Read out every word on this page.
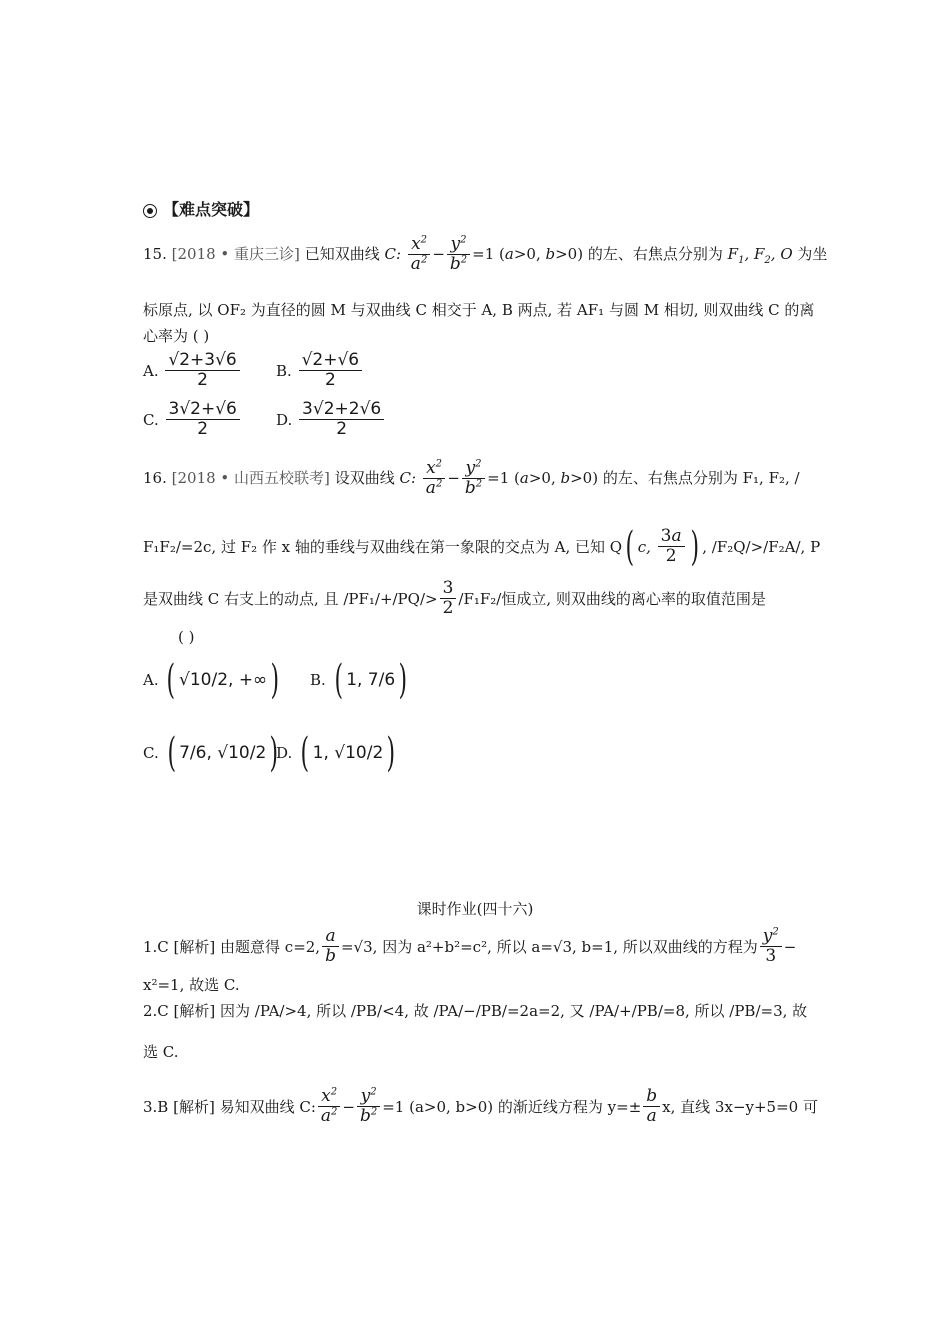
【难点突破】
15. [2018 • 重庆三诊] 已知双曲线 C: $\frac{x^2}{a^2} - \frac{y^2}{b^2} =1$ (a>0, b>0) 的左、右焦点分别为 $F_1$, $F_2$, O 为坐
标原点, 以 OF₂ 为直径的圆 M 与双曲线 C 相交于 A, B 两点, 若 AF₁ 与圆 M 相切, 则双曲线 C 的离
心率为 ( )
A. $\frac{√2+3√6}{2} B$. $\frac{√2+√6}{2}$
C. $\frac{3√2+√6}{2} D$. $\frac{3√2+2√6}{2}$
16. [2018 • 山西五校联考] 设双曲线 C: $\frac{x^2}{a^2} - \frac{y^2}{b^2} =1$ (a>0, b>0) 的左、右焦点分别为 F₁, F₂, /
F₁F₂/=2c, 过 F₂ 作 x 轴的垂线与双曲线在第一象限的交点为 A, 已知 Q( c, $\frac{3a}{2}$ ) , /F₂Q/>/F₂A/, P
是双曲线 C 右支上的动点, 且 $/PF_1/+/PQ/> \frac{3}{2} /F_1F_2/$恒成立, 则双曲线的离心率的取值范围是
( )
A. ( √10/2, +∞) B. ( 1, 7/6)
C. ( 7/6, √10/2)
D. ( 1, √10/2)
课时作业(四十六)
1.C [解析] 由题意得 c=2, $\frac{a}{b} =√3$, 因为 a²+b²=c², 所以 a=√3, b=1, 所以双曲线的方程为 $\frac{y^2}{3}$ −
x²=1, 故选 C.
2.C [解析] 因为 /PA/>4, 所以 /PB/<4, 故 /PA/−/PB/=2a=2, 又 /PA/+/PB/=8, 所以 /PB/=3, 故
选 C.
3.B [解析] 易知双曲线 C: $\frac{x^2}{a^2} - \frac{y^2}{b^2} =1$ (a>0, b>0) 的渐近线方程为 $y=\pm \frac{b}{a} x$, 直线 3x−y+5=0 可
